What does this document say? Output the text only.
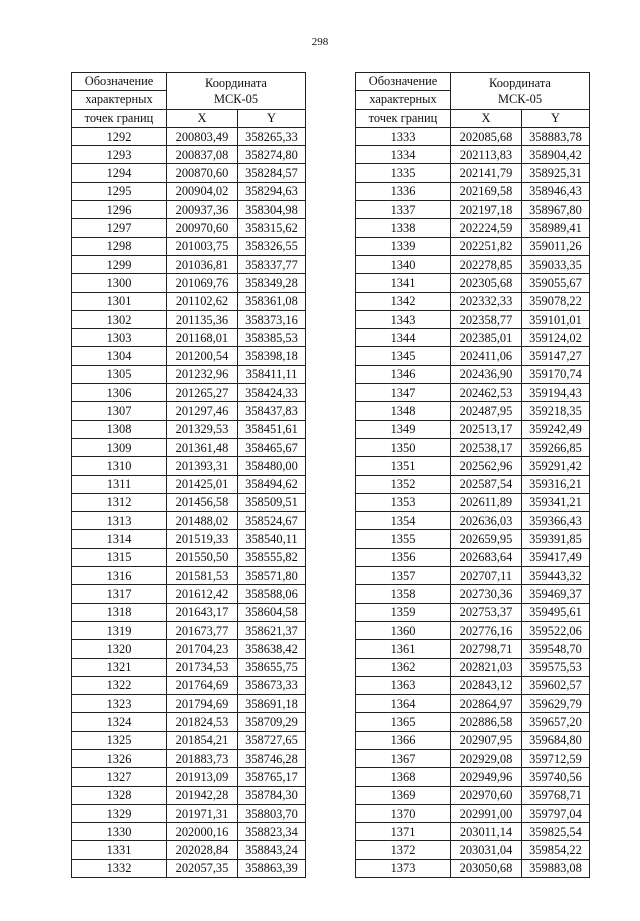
298
Обозначение	Координата
МСК-05	
характерных		
точек границ	X	Y
1292	200803,49	358265,33
1293	200837,08	358274,80
1294	200870,60	358284,57
1295	200904,02	358294,63
1296	200937,36	358304,98
1297	200970,60	358315,62
1298	201003,75	358326,55
1299	201036,81	358337,77
1300	201069,76	358349,28
1301	201102,62	358361,08
1302	201135,36	358373,16
1303	201168,01	358385,53
1304	201200,54	358398,18
1305	201232,96	358411,11
1306	201265,27	358424,33
1307	201297,46	358437,83
1308	201329,53	358451,61
1309	201361,48	358465,67
1310	201393,31	358480,00
1311	201425,01	358494,62
1312	201456,58	358509,51
1313	201488,02	358524,67
1314	201519,33	358540,11
1315	201550,50	358555,82
1316	201581,53	358571,80
1317	201612,42	358588,06
1318	201643,17	358604,58
1319	201673,77	358621,37
1320	201704,23	358638,42
1321	201734,53	358655,75
1322	201764,69	358673,33
1323	201794,69	358691,18
1324	201824,53	358709,29
1325	201854,21	358727,65
1326	201883,73	358746,28
1327	201913,09	358765,17
1328	201942,28	358784,30
1329	201971,31	358803,70
1330	202000,16	358823,34
1331	202028,84	358843,24
1332	202057,35	358863,39
Обозначение	Координата
МСК-05	
характерных		
точек границ	X	Y
1333	202085,68	358883,78
1334	202113,83	358904,42
1335	202141,79	358925,31
1336	202169,58	358946,43
1337	202197,18	358967,80
1338	202224,59	358989,41
1339	202251,82	359011,26
1340	202278,85	359033,35
1341	202305,68	359055,67
1342	202332,33	359078,22
1343	202358,77	359101,01
1344	202385,01	359124,02
1345	202411,06	359147,27
1346	202436,90	359170,74
1347	202462,53	359194,43
1348	202487,95	359218,35
1349	202513,17	359242,49
1350	202538,17	359266,85
1351	202562,96	359291,42
1352	202587,54	359316,21
1353	202611,89	359341,21
1354	202636,03	359366,43
1355	202659,95	359391,85
1356	202683,64	359417,49
1357	202707,11	359443,32
1358	202730,36	359469,37
1359	202753,37	359495,61
1360	202776,16	359522,06
1361	202798,71	359548,70
1362	202821,03	359575,53
1363	202843,12	359602,57
1364	202864,97	359629,79
1365	202886,58	359657,20
1366	202907,95	359684,80
1367	202929,08	359712,59
1368	202949,96	359740,56
1369	202970,60	359768,71
1370	202991,00	359797,04
1371	203011,14	359825,54
1372	203031,04	359854,22
1373	203050,68	359883,08
